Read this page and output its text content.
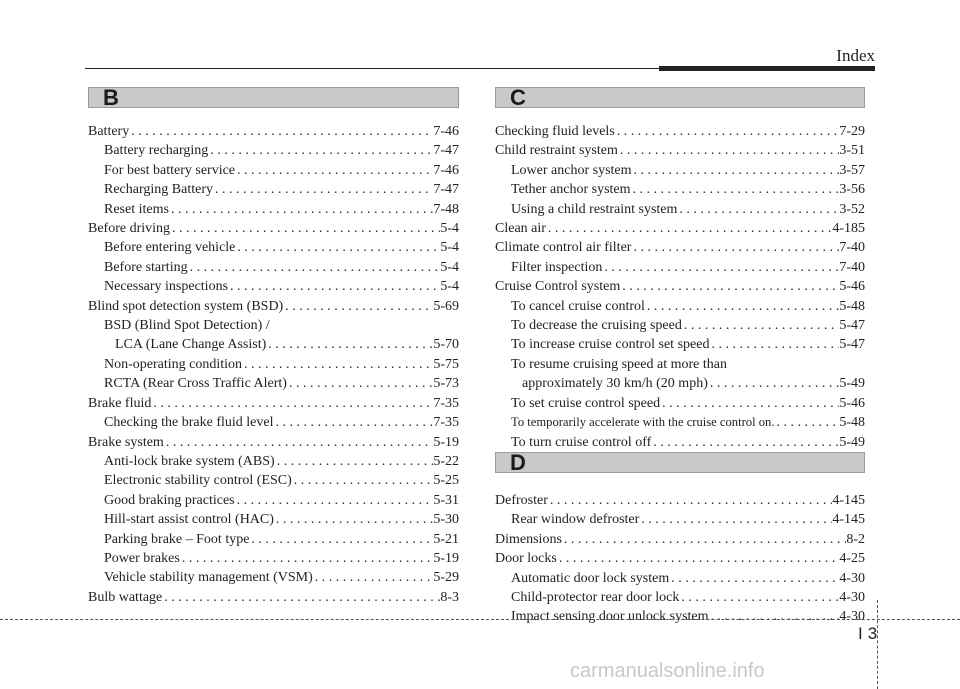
Index
B	C
D
Battery . . .	7-46
Battery recharging . . .	7-47
For best battery service . . .	7-46
Recharging Battery . . .	7-47
Reset items . . .	7-48
Before driving . . .	5-4
Before entering vehicle . . .	5-4
Before starting . . .	5-4
Necessary inspections . . .	5-4
Blind spot detection system (BSD) . . .	5-69
BSD (Blind Spot Detection) /
LCA (Lane Change Assist) . . .	5-70
Non-operating condition . . .	5-75
RCTA (Rear Cross Traffic Alert) . . .	5-73
Brake fluid . . .	7-35
Checking the brake fluid level . . .	7-35
Brake system . . .	5-19
Anti-lock brake system (ABS) . . .	5-22
Electronic stability control (ESC) . . .	5-25
Good braking practices . . .	5-31
Hill-start assist control (HAC) . . .	5-30
Parking brake – Foot type . . .	5-21
Power brakes . . .	5-19
Vehicle stability management (VSM) . . .	5-29
Bulb wattage . . .	8-3
Checking fluid levels . . .	7-29
Child restraint system . . .	3-51
Lower anchor system . . .	3-57
Tether anchor system . . .	3-56
Using a child restraint system . . .	3-52
Clean air . . .	4-185
Climate control air filter . . .	7-40
Filter inspection . . .	7-40
Cruise Control system . . .	5-46
To cancel cruise control . . .	5-48
To decrease the cruising speed . . .	5-47
To increase cruise control set speed . . .	5-47
To resume cruising speed at more than
approximately 30 km/h (20 mph) . . .	5-49
To set cruise control speed . . .	5-46
To temporarily accelerate with the cruise control on. . . .	5-48
To turn cruise control off . . .	5-49
Defroster . . .	4-145
Rear window defroster . . .	4-145
Dimensions . . .	8-2
Door locks . . .	4-25
Automatic door lock system . . .	4-30
Child-protector rear door lock . . .	4-30
Impact sensing door unlock system . . .	4-30
I3
carmanualsonline.info
